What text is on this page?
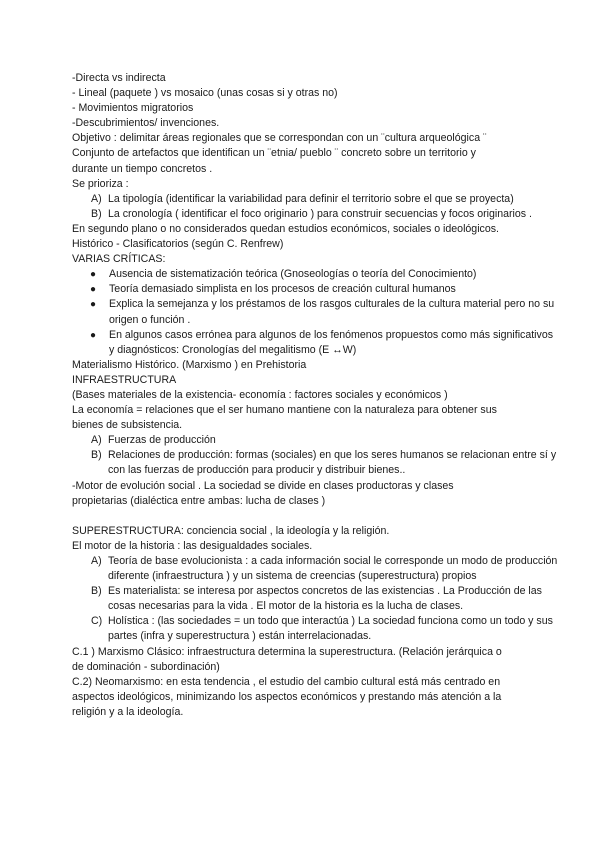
-Directa vs indirecta
- Lineal (paquete ) vs mosaico (unas cosas si y otras no)
- Movimientos migratorios
-Descubrimientos/ invenciones.
Objetivo : delimitar áreas regionales que se correspondan con un ¨cultura arqueológica ¨
Conjunto de artefactos que identifican un ¨etnia/ pueblo ¨ concreto sobre un territorio y
durante un tiempo concretos .
Se prioriza :
A) La tipología (identificar la variabilidad para definir el territorio sobre el que se proyecta)
B) La cronología ( identificar el foco originario ) para construir secuencias y focos originarios .
En segundo plano o no considerados quedan estudios económicos, sociales o ideológicos.
Histórico - Clasificatorios (según C. Renfrew)
VARIAS CRÍTICAS:
●	Ausencia de sistematización teórica (Gnoseologías o teoría del Conocimiento)
●	Teoría demasiado simplista en los procesos de creación cultural humanos
●	Explica la semejanza y los préstamos de los rasgos culturales de la cultura material pero no su origen o función .
●	En algunos casos errónea para algunos de los fenómenos propuestos como más significativos y diagnósticos: Cronologías del megalitismo (E ↔W)
Materialismo Histórico. (Marxismo ) en Prehistoria
INFRAESTRUCTURA
(Bases materiales de la existencia- economía : factores sociales y económicos )
La economía = relaciones que el ser humano mantiene con la naturaleza para obtener sus
bienes de subsistencia.
A) Fuerzas de producción
B) Relaciones de producción: formas (sociales) en que los seres humanos se relacionan entre sí y con las fuerzas de producción para producir y distribuir bienes..
-Motor de evolución social . La sociedad se divide en clases productoras y clases
propietarias (dialéctica entre ambas: lucha de clases )
SUPERESTRUCTURA: conciencia social , la ideología y la religión.
El motor de la historia : las desigualdades sociales.
A) Teoría de base evolucionista : a cada información social le corresponde un modo de producción diferente (infraestructura ) y un sistema de creencias (superestructura) propios
B) Es materialista: se interesa por aspectos concretos de las existencias . La Producción de las cosas necesarias para la vida . El motor de la historia es la lucha de clases.
C) Holística : (las sociedades = un todo que interactúa ) La sociedad funciona como un todo y sus partes (infra y superestructura ) están interrelacionadas.
C.1 ) Marxismo Clásico: infraestructura determina la superestructura. (Relación jerárquica o
de dominación - subordinación)
C.2) Neomarxismo: en esta tendencia , el estudio del cambio cultural está más centrado en
aspectos ideológicos, minimizando los aspectos económicos y prestando más atención a la
religión y a la ideología.
